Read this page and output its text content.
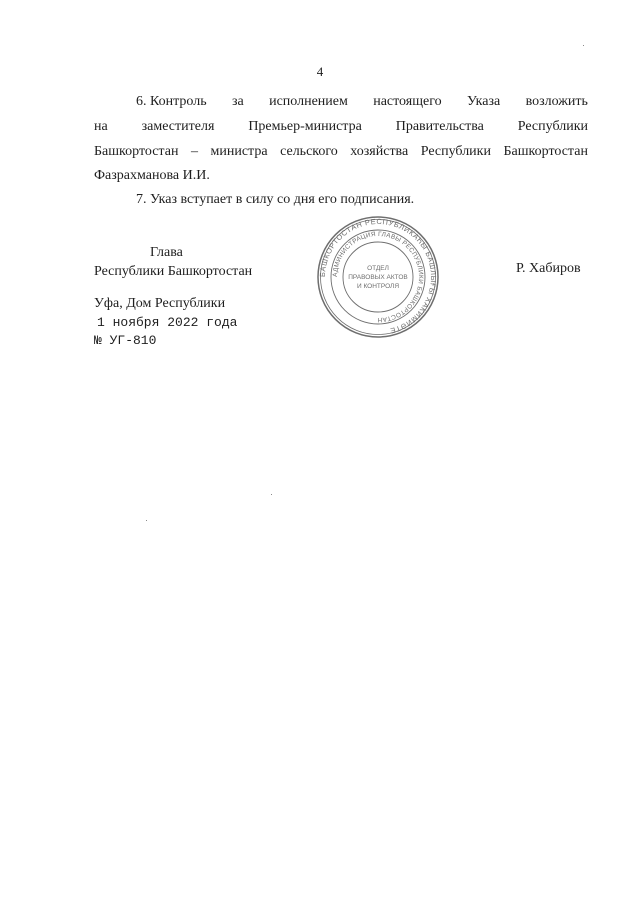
4
6. Контроль за исполнением настоящего Указа возложить
на заместителя Премьер-министра Правительства Республики
Башкортостан – министра сельского хозяйства Республики Башкортостан
Фазрахманова И.И.
7. Указ вступает в силу со дня его подписания.
Глава
Республики Башкортостан	Р. Хабиров
БАШКОРТОСТАН РЕСПУБЛИКАҺЫ БАШЛЫҒЫ ХАКИМИӘТЕ
АДМИНИСТРАЦИЯ ГЛАВЫ РЕСПУБЛИКИ БАШКОРТОСТАН
ОТДЕЛ
ПРАВОВЫХ АКТОВ
И КОНТРОЛЯ
Уфа, Дом Республики
1 ноября 2022 года
№ УГ-810
